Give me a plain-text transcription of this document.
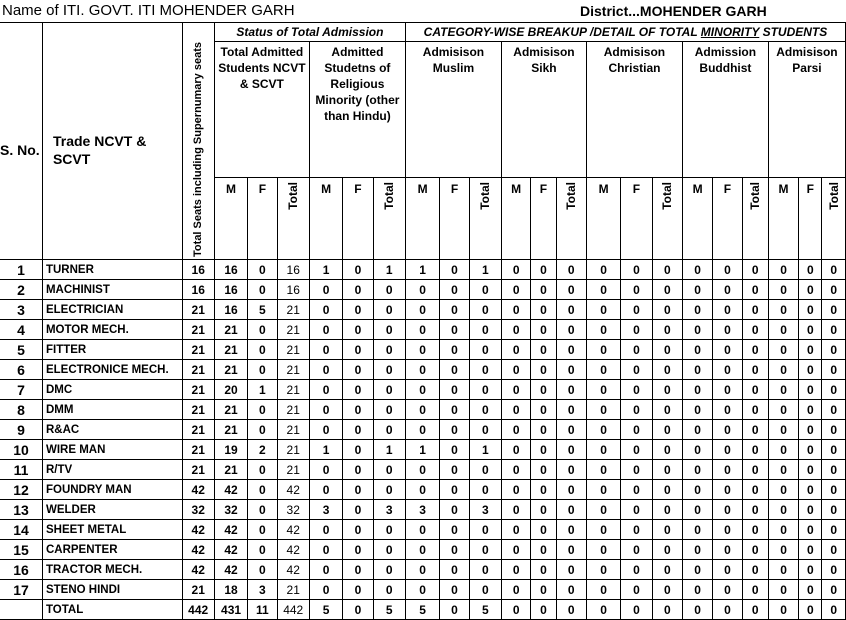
Name of ITI. GOVT. ITI MOHENDER GARH	District...MOHENDER GARH
			Status of Total Admission						CATEGORY-WISE BREAKUP /DETAIL OF TOTAL MINORITY STUDENTS														
S. No.	Trade NCVT & SCVT	Total Seats including Supernumary seats	Total Admitted Students NCVT & SCVT			Admitted Studetns of Religious Minority (other than Hindu)			Admisison Muslim			Admisison Sikh			Admisison Christian			Admission Buddhist			Admisison Parsi		
			M	F	Total	M	F	Total	M	F	Total	M	F	Total	M	F	Total	M	F	Total	M	F	Total
1	TURNER	16	16	0	16	1	0	1	1	0	1	0	0	0	0	0	0	0	0	0	0	0	0
2	MACHINIST	16	16	0	16	0	0	0	0	0	0	0	0	0	0	0	0	0	0	0	0	0	0
3	ELECTRICIAN	21	16	5	21	0	0	0	0	0	0	0	0	0	0	0	0	0	0	0	0	0	0
4	MOTOR MECH.	21	21	0	21	0	0	0	0	0	0	0	0	0	0	0	0	0	0	0	0	0	0
5	FITTER	21	21	0	21	0	0	0	0	0	0	0	0	0	0	0	0	0	0	0	0	0	0
6	ELECTRONICE MECH.	21	21	0	21	0	0	0	0	0	0	0	0	0	0	0	0	0	0	0	0	0	0
7	DMC	21	20	1	21	0	0	0	0	0	0	0	0	0	0	0	0	0	0	0	0	0	0
8	DMM	21	21	0	21	0	0	0	0	0	0	0	0	0	0	0	0	0	0	0	0	0	0
9	R&AC	21	21	0	21	0	0	0	0	0	0	0	0	0	0	0	0	0	0	0	0	0	0
10	WIRE MAN	21	19	2	21	1	0	1	1	0	1	0	0	0	0	0	0	0	0	0	0	0	0
11	R/TV	21	21	0	21	0	0	0	0	0	0	0	0	0	0	0	0	0	0	0	0	0	0
12	FOUNDRY MAN	42	42	0	42	0	0	0	0	0	0	0	0	0	0	0	0	0	0	0	0	0	0
13	WELDER	32	32	0	32	3	0	3	3	0	3	0	0	0	0	0	0	0	0	0	0	0	0
14	SHEET METAL	42	42	0	42	0	0	0	0	0	0	0	0	0	0	0	0	0	0	0	0	0	0
15	CARPENTER	42	42	0	42	0	0	0	0	0	0	0	0	0	0	0	0	0	0	0	0	0	0
16	TRACTOR MECH.	42	42	0	42	0	0	0	0	0	0	0	0	0	0	0	0	0	0	0	0	0	0
17	STENO HINDI	21	18	3	21	0	0	0	0	0	0	0	0	0	0	0	0	0	0	0	0	0	0
	TOTAL	442	431	11	442	5	0	5	5	0	5	0	0	0	0	0	0	0	0	0	0	0	0
